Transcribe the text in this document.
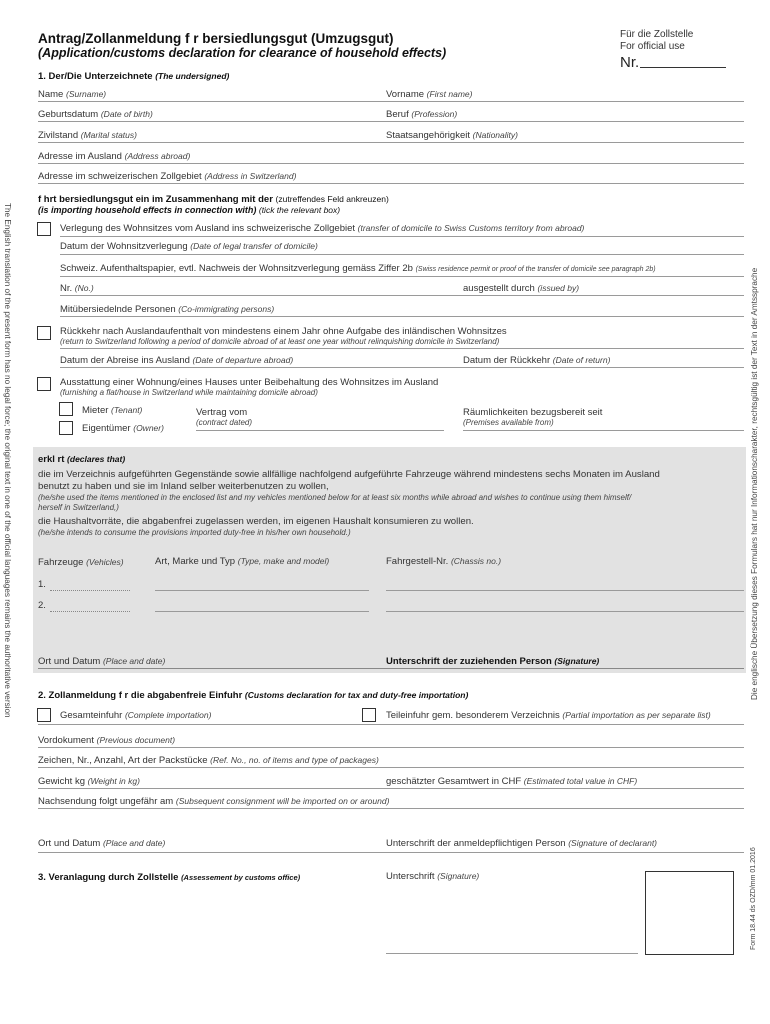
Antrag/Zollanmeldung f r bersiedlungsgut (Umzugsgut)
(Application/customs declaration for clearance of household effects)
Für die Zollstelle
For official use
Nr.
1. Der/Die Unterzeichnete (The undersigned)
Name (Surname)	Vorname (First name)
Geburtsdatum (Date of birth)	Beruf (Profession)
Zivilstand (Marital status)	Staatsangehörigkeit (Nationality)
Adresse im Ausland (Address abroad)
Adresse im schweizerischen Zollgebiet (Address in Switzerland)
f hrt bersiedlungsgut ein im Zusammenhang mit der (zutreffendes Feld ankreuzen)
(is importing household effects in connection with) (tick the relevant box)
Verlegung des Wohnsitzes vom Ausland ins schweizerische Zollgebiet (transfer of domicile to Swiss Customs territory from abroad)
Datum der Wohnsitzverlegung (Date of legal transfer of domicile)
Schweiz. Aufenthaltspapier, evtl. Nachweis der Wohnsitzverlegung gemäss Ziffer 2b (Swiss residence permit or proof of the transfer of domicile see paragraph 2b)
Nr. (No.)	ausgestellt durch (issued by)
Mitübersiedelnde Personen (Co-immigrating persons)
Rückkehr nach Auslandaufenthalt von mindestens einem Jahr ohne Aufgabe des inländischen Wohnsitzes
(return to Switzerland following a period of domicile abroad of at least one year without relinquishing domicile in Switzerland)
Datum der Abreise ins Ausland (Date of departure abroad)	Datum der Rückkehr (Date of return)
Ausstattung einer Wohnung/eines Hauses unter Beibehaltung des Wohnsitzes im Ausland
(furnishing a flat/house in Switzerland while maintaining domicile abroad)
Mieter (Tenant)
Eigentümer (Owner)
Vertrag vom
(contract dated)
Räumlichkeiten bezugsbereit seit
(Premises available from)
erkl rt (declares that)
die im Verzeichnis aufgeführten Gegenstände sowie allfällige nachfolgend aufgeführte Fahrzeuge während mindestens sechs Monaten im Ausland
benutzt zu haben und sie im Inland selber weiterbenutzen zu wollen,
(he/she used the items mentioned in the enclosed list and my vehicles mentioned below for at least six months while abroad and wishes to continue using them himself/
herself in Switzerland,)
die Haushaltvorräte, die abgabenfrei zugelassen werden, im eigenen Haushalt konsumieren zu wollen.
(he/she intends to consume the provisions imported duty-free in his/her own household.)
Fahrzeuge (Vehicles)	Art, Marke und Typ (Type, make and model)	Fahrgestell-Nr. (Chassis no.)
1.
2.
Ort und Datum (Place and date)	Unterschrift der zuziehenden Person (Signature)
2. Zollanmeldung f r die abgabenfreie Einfuhr (Customs declaration for tax and duty-free importation)
Gesamteinfuhr (Complete importation)	Teileinfuhr gem. besonderem Verzeichnis (Partial importation as per separate list)
Vordokument (Previous document)
Zeichen, Nr., Anzahl, Art der Packstücke (Ref. No., no. of items and type of packages)
Gewicht kg (Weight in kg)	geschätzter Gesamtwert in CHF (Estimated total value in CHF)
Nachsendung folgt ungefähr am (Subsequent consignment will be imported on or around)
Ort und Datum (Place and date)	Unterschrift der anmeldepflichtigen Person (Signature of declarant)
3. Veranlagung durch Zollstelle (Assessement by customs office)	Unterschrift (Signature)
The English translation of the present form has no legal force; the original text in one of the official languages remains the authoritative version	Die englische Übersetzung dieses Formulars hat nur Informationscharakter, rechtsgültig ist der Text in der Amtssprache
Form 18.44 ds OZD/mm 01.2016
